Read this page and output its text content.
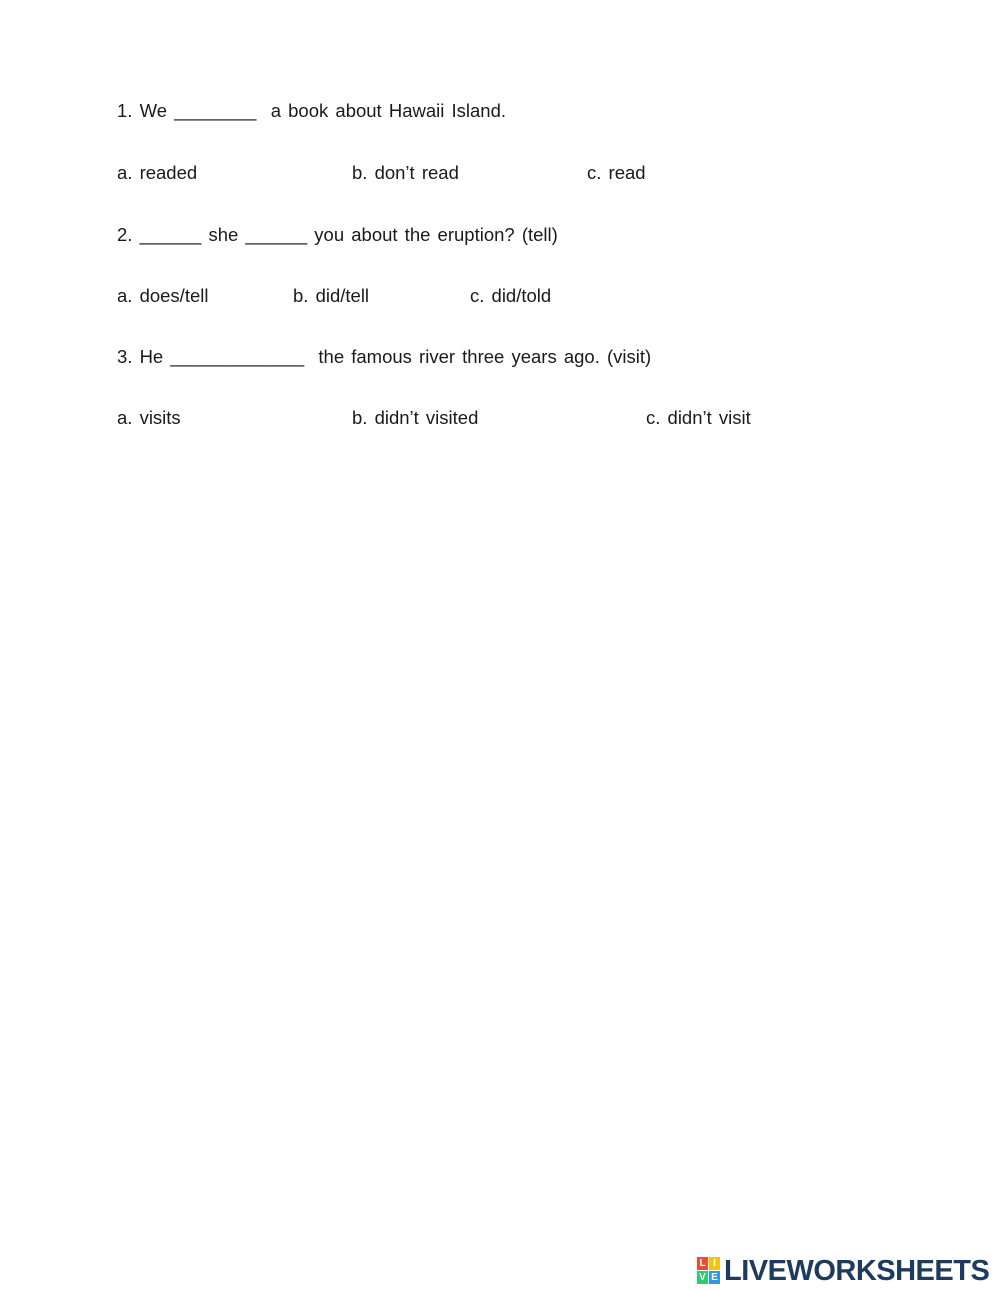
1. We ________  a book about Hawaii Island.
a. readed	b. don’t read	c. read
2. ______ she ______ you about the eruption? (tell)
a. does/tell	b. did/tell	c. did/told
3. He _____________  the famous river three years ago. (visit)
a. visits	b. didn’t visited	c. didn’t visit
L I
V E LIVEWORKSHEETS
